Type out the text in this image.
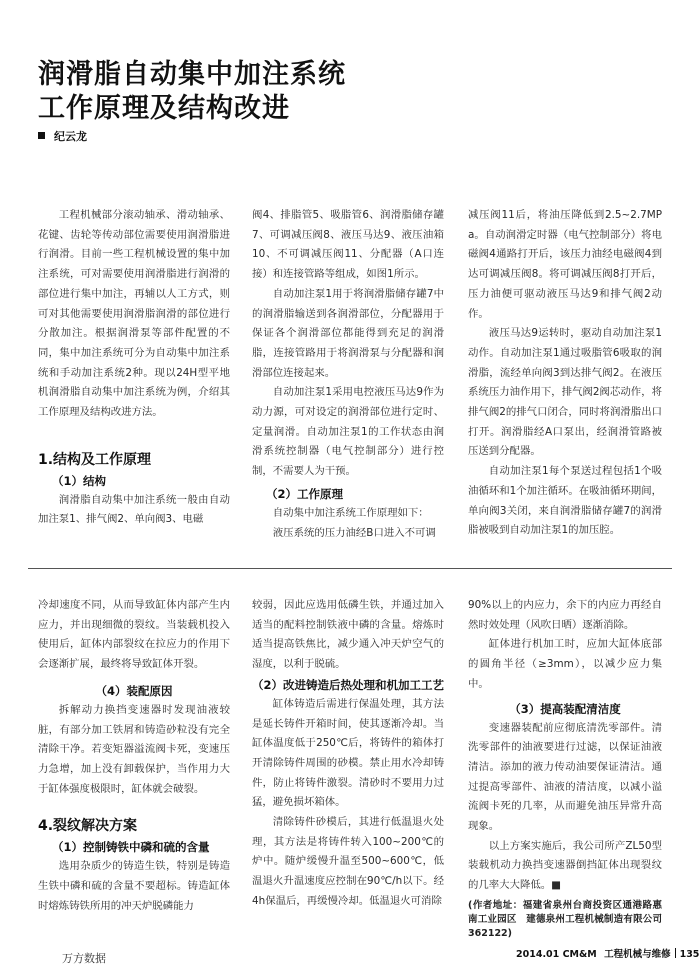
润滑脂自动集中加注系统
工作原理及结构改进
纪云龙

工程机械部分滚动轴承、滑动轴承、花键、齿轮等传动部位需要使用润滑脂进行润滑。目前一些工程机械设置的集中加注系统，可对需要使用润滑脂进行润滑的部位进行集中加注，再辅以人工方式，则可对其他需要使用润滑脂润滑的部位进行分散加注。根据润滑泵等部件配置的不同，集中加注系统可分为自动集中加注系统和手动加注系统2种。现以24H型平地机润滑脂自动集中加注系统为例，介绍其工作原理及结构改进方法。

1.结构及工作原理
（1）结构

润滑脂自动集中加注系统一般由自动加注泵1、排气阀2、单向阀3、电磁

阀4、排脂管5、吸脂管6、润滑脂储存罐7、可调减压阀8、液压马达9、液压油箱10、不可调减压阀11、分配器（A口连接）和连接管路等组成，如图1所示。

自动加注泵1用于将润滑脂储存罐7中的润滑脂输送到各润滑部位，分配器用于保证各个润滑部位都能得到充足的润滑脂，连接管路用于将润滑泵与分配器和润滑部位连接起来。

自动加注泵1采用电控液压马达9作为动力源，可对设定的润滑部位进行定时、定量润滑。自动加注泵1的工作状态由润滑系统控制器（电气控制部分）进行控制，不需要人为干预。

（2）工作原理

自动集中加注系统工作原理如下：

液压系统的压力油经B口进入不可调

减压阀11后，将油压降低到2.5~2.7MPa。自动润滑定时器（电气控制部分）将电磁阀4通路打开后，该压力油经电磁阀4到达可调减压阀8。将可调减压阀8打开后，压力油便可驱动液压马达9和排气阀2动作。

液压马达9运转时，驱动自动加注泵1动作。自动加注泵1通过吸脂管6吸取的润滑脂，流经单向阀3到达排气阀2。在液压系统压力油作用下，排气阀2阀芯动作，将排气阀2的排气口闭合，同时将润滑脂出口打开。润滑脂经A口泵出，经润滑管路被压送到分配器。

自动加注泵1每个泵送过程包括1个吸油循环和1个加注循环。在吸油循环期间，单向阀3关闭，来自润滑脂储存罐7的润滑脂被吸到自动加注泵1的加压腔。

冷却速度不同，从而导致缸体内部产生内应力，并出现细微的裂纹。当装载机投入使用后，缸体内部裂纹在拉应力的作用下会逐渐扩展，最终将导致缸体开裂。

（4）装配原因

拆解动力换挡变速器时发现油液较脏，有部分加工铁屑和铸造砂粒没有完全清除干净。若变矩器溢流阀卡死，变速压力急增，加上没有卸载保护，当作用力大于缸体强度极限时，缸体就会破裂。

4.裂纹解决方案
（1）控制铸铁中磷和硫的含量

选用杂质少的铸造生铁，特别是铸造生铁中磷和硫的含量不要超标。铸造缸体时熔炼铸铁所用的冲天炉脱磷能力

较弱，因此应选用低磷生铁，并通过加入适当的配料控制铁液中磷的含量。熔炼时适当提高铁焦比，减少通入冲天炉空气的湿度，以利于脱硫。

（2）改进铸造后热处理和机加工工艺

缸体铸造后需进行保温处理，其方法是延长铸件开箱时间，使其逐渐冷却。当缸体温度低于250℃后，将铸件的箱体打开清除铸件周围的砂模。禁止用水冷却铸件，防止将铸件激裂。清砂时不要用力过猛，避免损坏箱体。

清除铸件砂模后，其进行低温退火处理，其方法是将铸件转入100~200℃的炉中。随炉缓慢升温至500~600℃，低温退火升温速度应控制在90℃/h以下。经4h保温后，再缓慢冷却。低温退火可消除

90%以上的内应力，余下的内应力再经自然时效处理（风吹日晒）逐渐消除。

缸体进行机加工时，应加大缸体底部的圆角半径（≥3mm），以减少应力集中。

（3）提高装配清洁度

变速器装配前应彻底清洗零部件。清洗零部件的油液要进行过滤，以保证油液清洁。添加的液力传动油要保证清洁。通过提高零部件、油液的清洁度，以减小溢流阀卡死的几率，从而避免油压异常升高现象。

以上方案实施后，我公司所产ZL50型装载机动力换挡变速器倒挡缸体出现裂纹的几率大大降低。■

(作者地址：福建省泉州台商投资区通港路惠南工业园区　建德泉州工程机械制造有限公司　362122)
万方数据	2014.01 CM&M 工程机械与维修 135
